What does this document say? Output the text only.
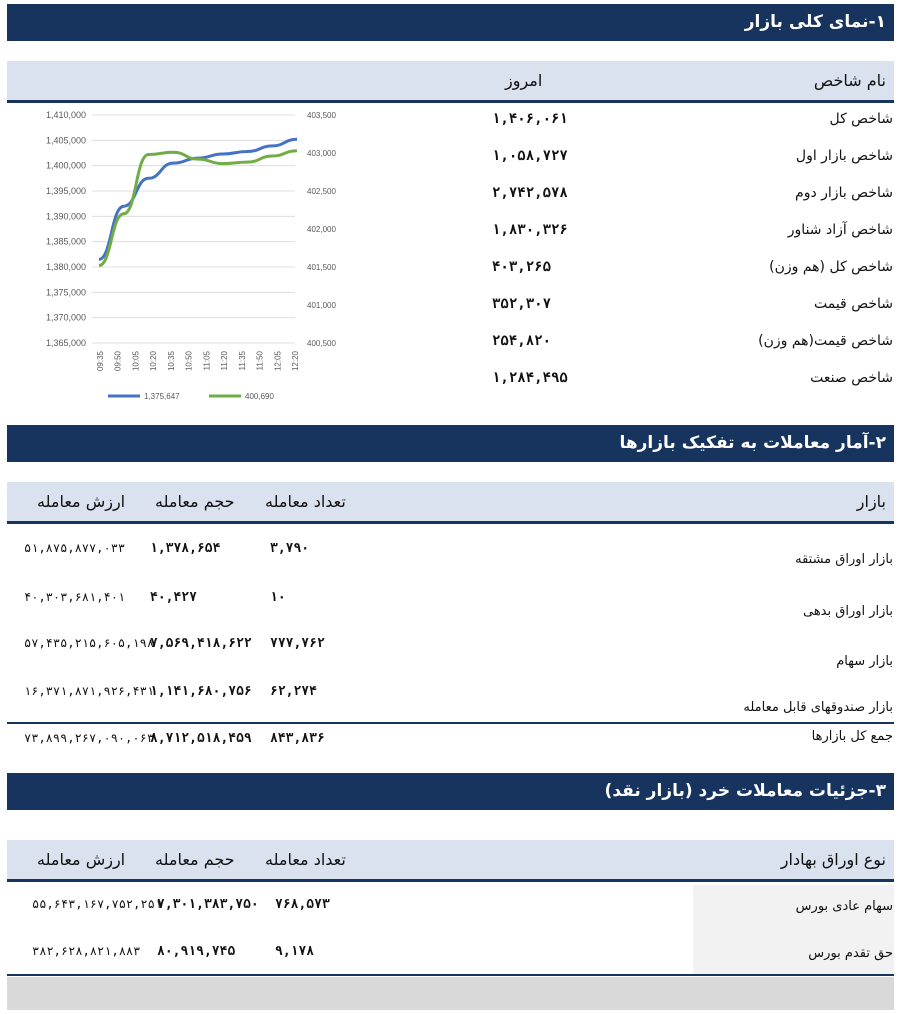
۱-نمای کلی بازار
نام شاخص
امروز
شاخص کل
۱,۴۰۶,۰۶۱
شاخص بازار اول
۱,۰۵۸,۷۲۷
شاخص بازار دوم
۲,۷۴۲,۵۷۸
شاخص آزاد شناور
۱,۸۳۰,۳۲۶
شاخص کل (هم وزن)
۴۰۳,۲۶۵
شاخص قیمت
۳۵۲,۳۰۷
شاخص قیمت(هم وزن)
۲۵۴,۸۲۰
شاخص صنعت
۱,۲۸۴,۴۹۵
1,410,000
1,405,000
1,400,000
1,395,000
1,390,000
1,385,000
1,380,000
1,375,000
1,370,000
1,365,000
403,500
403,000
402,500
402,000
401,500
401,000
400,500
09:35 09:50 10:05 10:20 10:35 10:50 11:05 11:20 11:35 11:50 12:05 12:20
1,375,647	400,690
۲-آمار معاملات به تفکیک بازارها
بازار
تعداد معامله
حجم معامله
ارزش معامله
بازار اوراق مشتقه
۳,۷۹۰
۱,۳۷۸,۶۵۴
۵۱,۸۷۵,۸۷۷,۰۳۳
بازار اوراق بدهی
۱۰
۴۰,۴۲۷
۴۰,۳۰۳,۶۸۱,۴۰۱
بازار سهام
۷۷۷,۷۶۲
۷,۵۶۹,۴۱۸,۶۲۲
۵۷,۴۳۵,۲۱۵,۶۰۵,۱۹۸
بازار صندوقهای قابل معامله
۶۲,۲۷۴
۱,۱۴۱,۶۸۰,۷۵۶
۱۶,۳۷۱,۸۷۱,۹۲۶,۴۳۱
جمع کل بازارها
۸۴۳,۸۳۶
۸,۷۱۲,۵۱۸,۴۵۹
۷۳,۸۹۹,۲۶۷,۰۹۰,۰۶۳
۳-جزئیات معاملات خرد (بازار نقد)
نوع اوراق بهادار
تعداد معامله
حجم معامله
ارزش معامله
سهام عادی بورس
۷۶۸,۵۷۳
۷,۳۰۱,۳۸۳,۷۵۰
۵۵,۶۴۳,۱۶۷,۷۵۲,۲۵۱
حق تقدم بورس
۹,۱۷۸
۸۰,۹۱۹,۷۴۵
۳۸۲,۶۲۸,۸۲۱,۸۸۳
